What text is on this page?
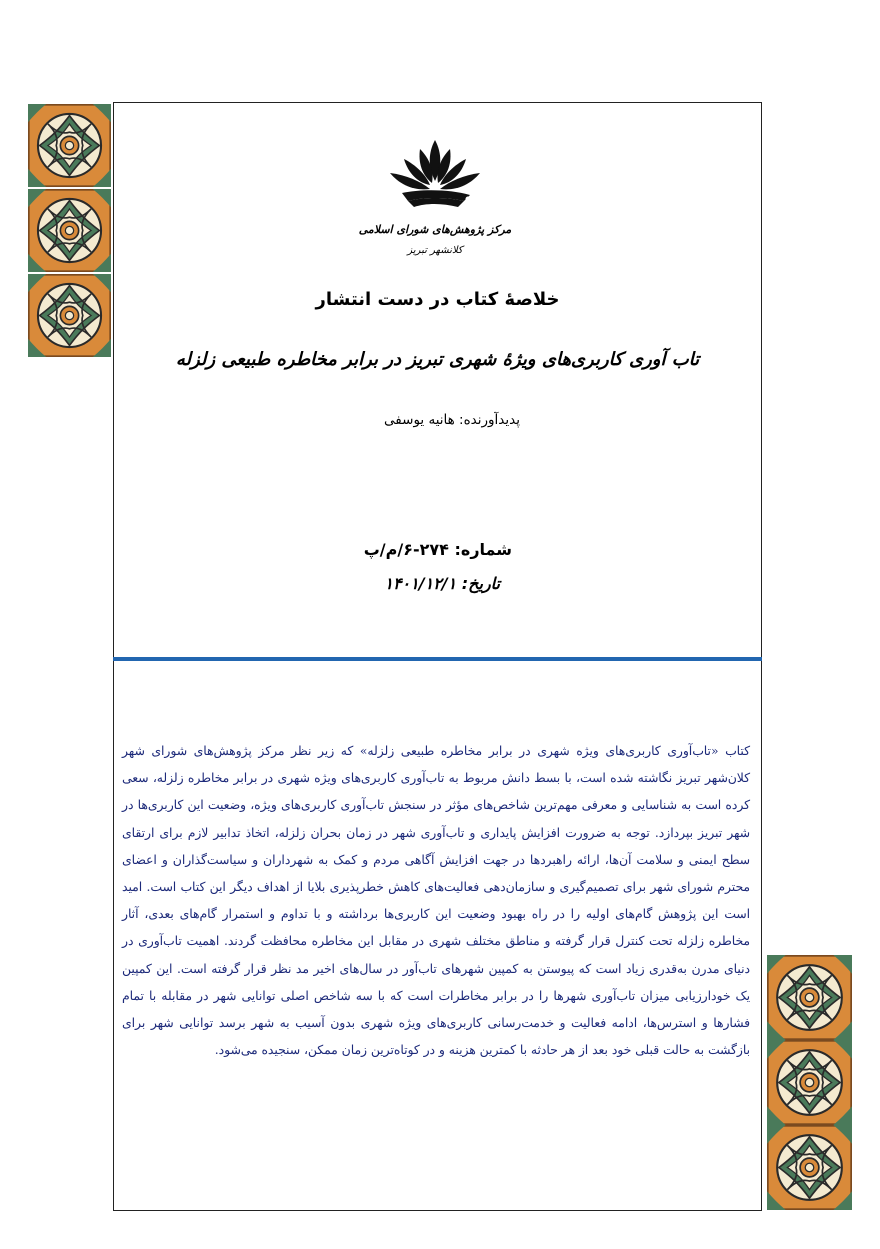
مرکز پژوهش‌های شورای اسلامی
کلانشهر تبریز
خلاصهٔ کتاب در دست انتشار
تاب آوری کاربری‌های ویژهٔ شهری تبریز در برابر مخاطره طبیعی زلزله
پدیدآورنده: هانیه یوسفی
شماره: ۲۷۴-۶/م/پ
تاریخ: ۱۴۰۱/۱۲/۱
کتاب «تاب‌آوری کاربری‌های ویژه شهری در برابر مخاطره طبیعی زلزله» که زیر نظر مرکز پژوهش‌های شورای شهر کلان‌شهر تبریز نگاشته شده است، با بسط دانش مربوط به تاب‌آوری کاربری‌های ویژه شهری در برابر مخاطره زلزله، سعی کرده است به شناسایی و معرفی مهم‌ترین شاخص‌های مؤثر در سنجش تاب‌آوری کاربری‌های ویژه، وضعیت این کاربری‌ها در شهر تبریز بپردازد. توجه به ضرورت افزایش پایداری و تاب‌آوری شهر در زمان بحران زلزله، اتخاذ تدابیر لازم برای ارتقای سطح ایمنی و سلامت آن‌ها، ارائه راهبردها در جهت افزایش آگاهی مردم و کمک به شهرداران و سیاست‌گذاران و اعضای محترم شورای شهر برای تصمیم‌گیری و سازمان‌دهی فعالیت‌های کاهش خطرپذیری بلایا از اهداف دیگر این کتاب است. امید است این پژوهش گام‌های اولیه را در راه بهبود وضعیت این کاربری‌ها برداشته و با تداوم و استمرار گام‌های بعدی، آثار مخاطره زلزله تحت کنترل قرار گرفته و مناطق مختلف شهری در مقابل این مخاطره محافظت گردند. اهمیت تاب‌آوری در دنیای مدرن به‌قدری زیاد است که پیوستن به کمپین شهرهای تاب‌آور در سال‌های اخیر مد نظر قرار گرفته است. این کمپین یک خودارزیابی میزان تاب‌آوری شهرها را در برابر مخاطرات است که با سه شاخص اصلی توانایی شهر در مقابله با تمام فشارها و استرس‌ها، ادامه فعالیت و خدمت‌رسانی کاربری‌های ویژه شهری بدون آسیب به شهر برسد توانایی شهر برای بازگشت به حالت قبلی خود بعد از هر حادثه با کمترین هزینه و در کوتاه‌ترین زمان ممکن، سنجیده می‌شود.
